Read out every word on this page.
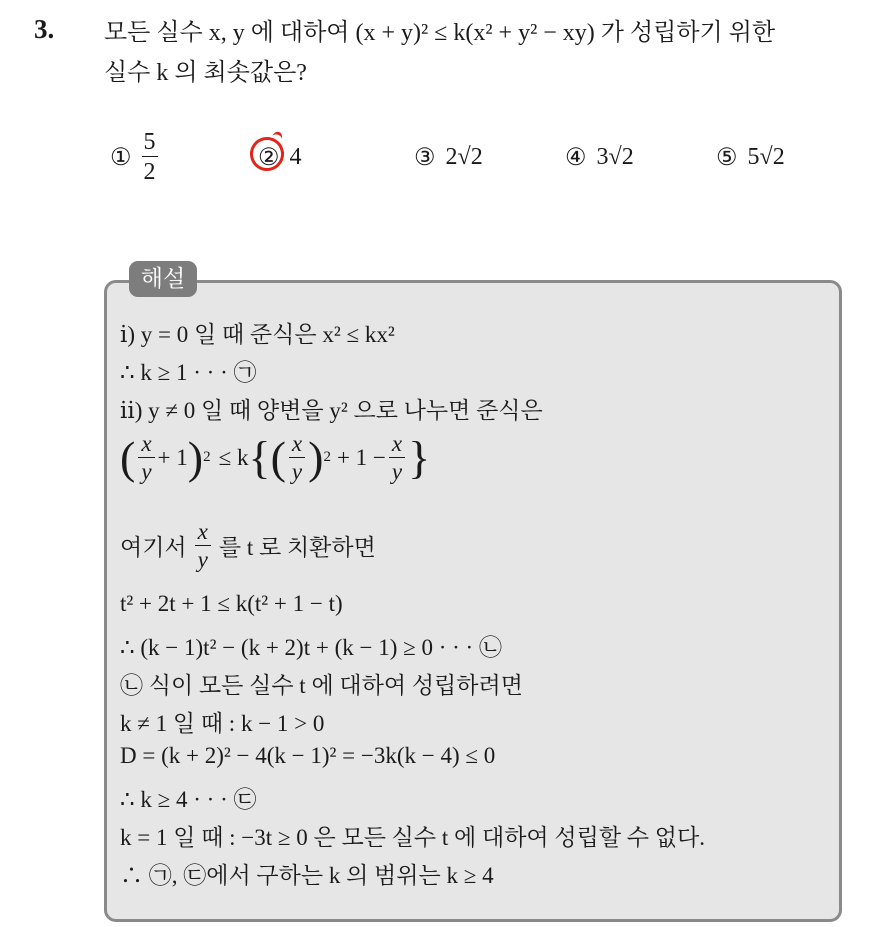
3. 모든 실수 x, y 에 대하여 (x + y)² ≤ k(x² + y² − xy) 가 성립하기 위한
실수 k 의 최솟값은?
① $\frac{5}{2}$	② 4	③ 2√2	④ 3√2	⑤ 5√2
해설
ⅰ) y = 0 일 때 준식은 x² ≤ kx²
∴ k ≥ 1 · · · ㉠
ⅱ) y ≠ 0 일 때 양변을 y² 으로 나누면 준식은
( $\frac{x}{y} + 1$ ) 2 ≤ k { ( $\frac{x}{y}$ ) $2 + 1 - \frac{x}{y}$ }
여기서 $\frac{x}{y}$ 를 t 로 치환하면
t² + 2t + 1 ≤ k(t² + 1 − t)
∴ (k − 1)t² − (k + 2)t + (k − 1) ≥ 0 · · · ㉡
㉡ 식이 모든 실수 t 에 대하여 성립하려면
k ≠ 1 일 때 : k − 1 > 0
D = (k + 2)² − 4(k − 1)² = −3k(k − 4) ≤ 0
∴ k ≥ 4 · · · ㉢
k = 1 일 때 : −3t ≥ 0 은 모든 실수 t 에 대하여 성립할 수 없다.
∴ ㉠, ㉢에서 구하는 k 의 범위는 k ≥ 4
